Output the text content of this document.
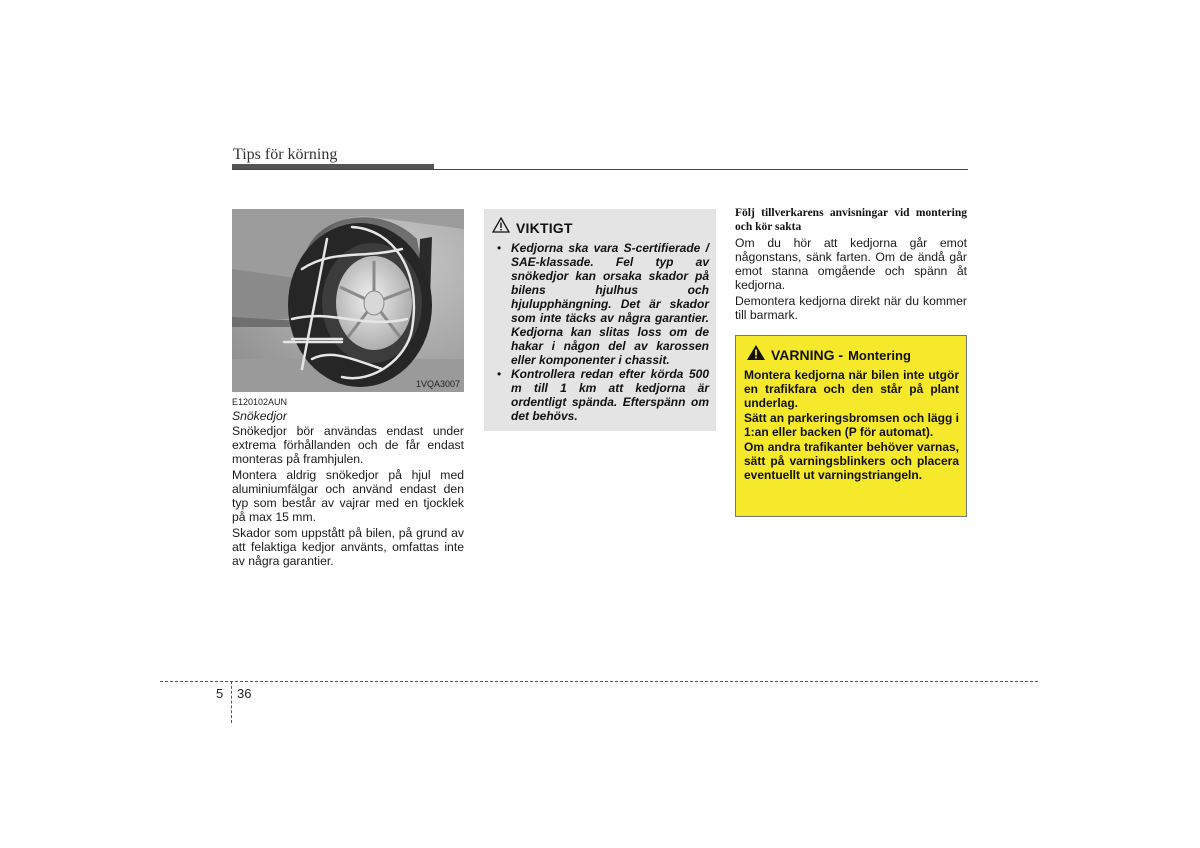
Tips för körning
1VQA3007
E120102AUN
Snökedjor

Snökedjor bör användas endast under extrema förhållanden och de får endast monteras på framhjulen.

Montera aldrig snökedjor på hjul med aluminiumfälgar och använd endast den typ som består av vajrar med en tjocklek på max 15 mm.

Skador som uppstått på bilen, på grund av att felaktiga kedjor använts, omfattas inte av några garantier.

VIKTIGT
• Kedjorna ska vara S-certifierade / SAE-klassade. Fel typ av snökedjor kan orsaka skador på bilens hjulhus och hjulupphängning. Det är skador som inte täcks av några garantier. Kedjorna kan slitas loss om de hakar i någon del av karossen eller komponenter i chassit.
• Kontrollera redan efter körda 500 m till 1 km att kedjorna är ordentligt spända. Efterspänn om det behövs.
Följ tillverkarens anvisningar vid montering och kör sakta

Om du hör att kedjorna går emot någonstans, sänk farten. Om de ändå går emot stanna omgående och spänn åt kedjorna.

Demontera kedjorna direkt när du kommer till barmark.

VARNING - Montering

Montera kedjorna när bilen inte utgör en trafikfara och den står på plant underlag.

Sätt an parkeringsbromsen och lägg i 1:an eller backen (P för automat).

Om andra trafikanter behöver varnas, sätt på varningsblinkers och placera eventuellt ut varningstriangeln.

5 36
